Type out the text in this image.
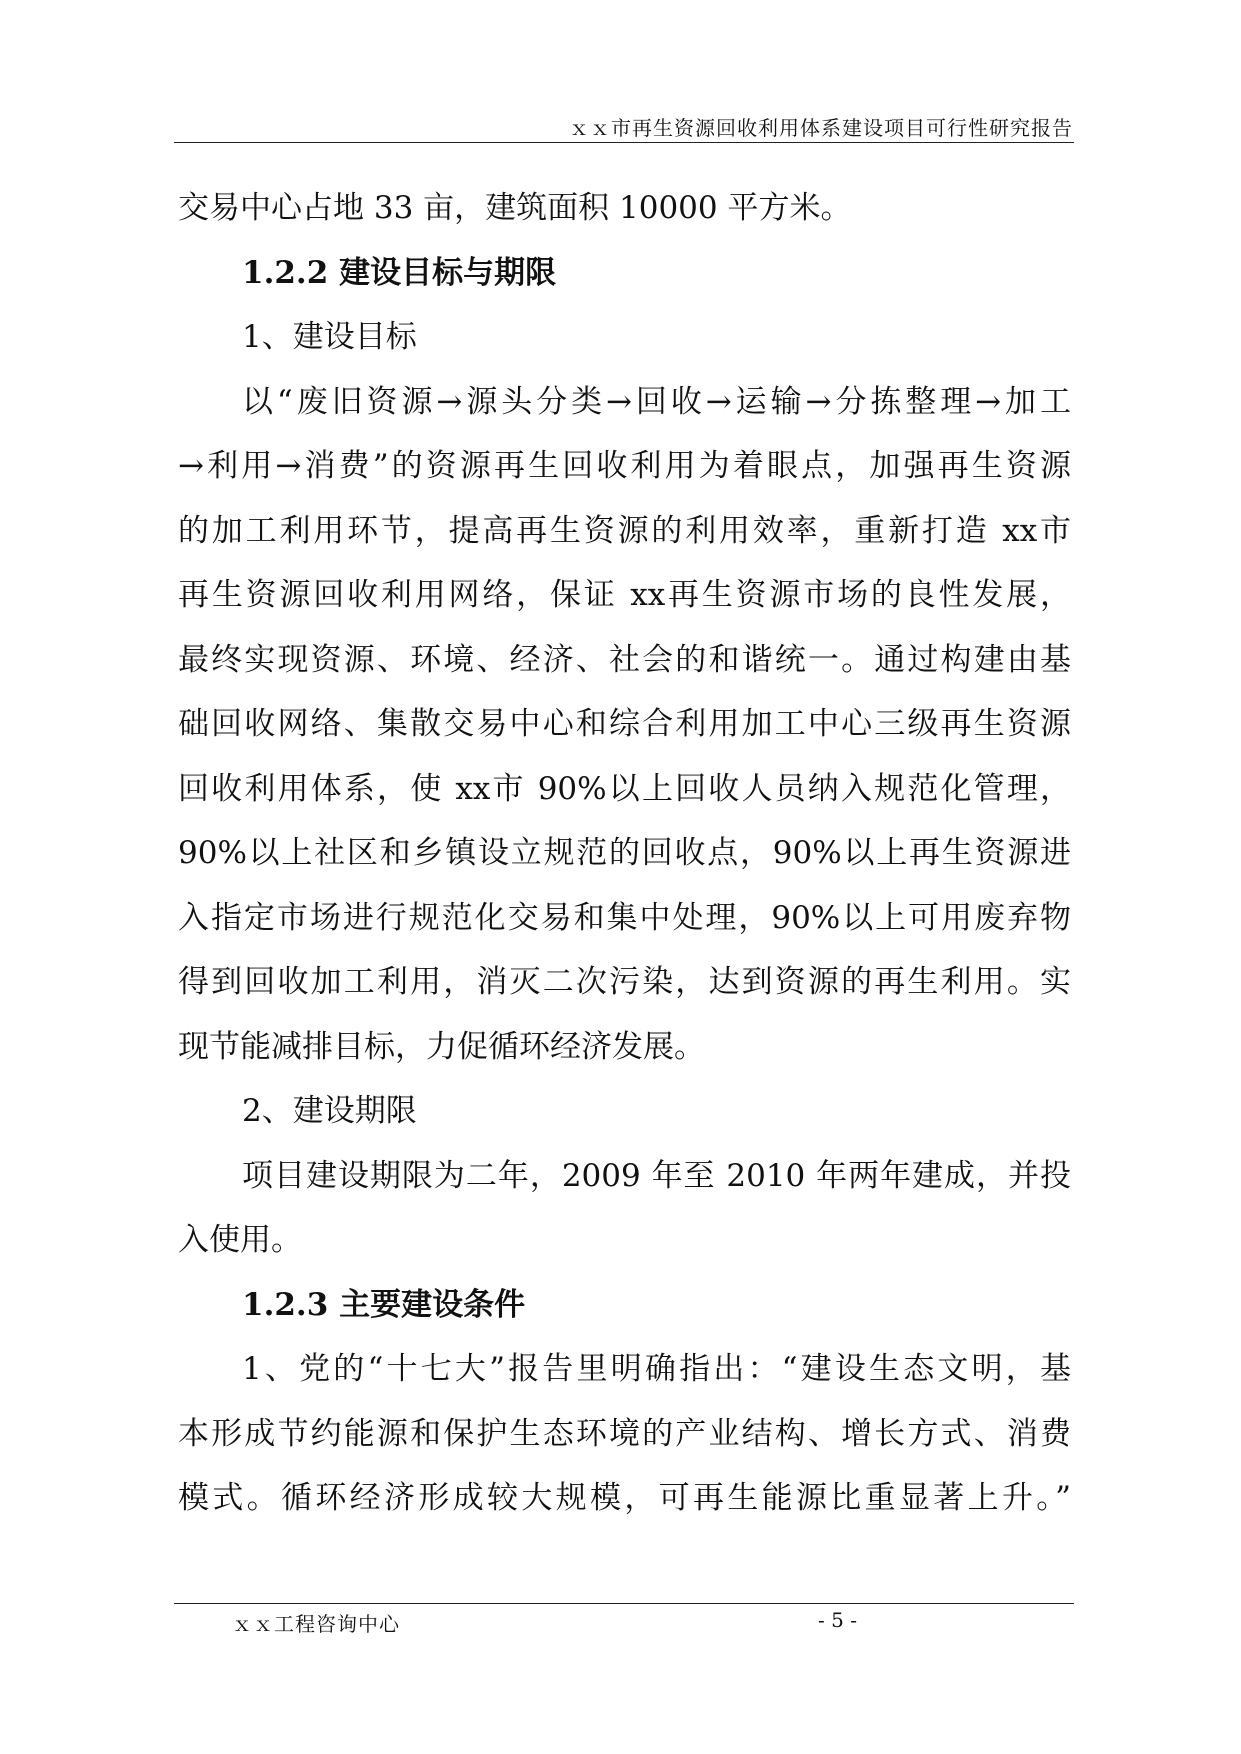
ｘｘ市再生资源回收利用体系建设项目可行性研究报告
交易中心占地 33 亩，建筑面积 10000 平方米。
1.2.2 建设目标与期限
1、建设目标
以“废旧资源→源头分类→回收→运输→分拣整理→加工
→利用→消费”的资源再生回收利用为着眼点，加强再生资源
的加工利用环节，提高再生资源的利用效率，重新打造 xx市
再生资源回收利用网络，保证 xx再生资源市场的良性发展，
最终实现资源、环境、经济、社会的和谐统一。通过构建由基
础回收网络、集散交易中心和综合利用加工中心三级再生资源
回收利用体系，使 xx市 90%以上回收人员纳入规范化管理，
90%以上社区和乡镇设立规范的回收点，90%以上再生资源进
入指定市场进行规范化交易和集中处理，90%以上可用废弃物
得到回收加工利用，消灭二次污染，达到资源的再生利用。实
现节能减排目标，力促循环经济发展。
2、建设期限
项目建设期限为二年，2009 年至 2010 年两年建成，并投
入使用。
1.2.3 主要建设条件
1、党的“十七大”报告里明确指出：“建设生态文明，基
本形成节约能源和保护生态环境的产业结构、增长方式、消费
模式。循环经济形成较大规模，可再生能源比重显著上升。”
ｘｘ工程咨询中心	- 5 -
